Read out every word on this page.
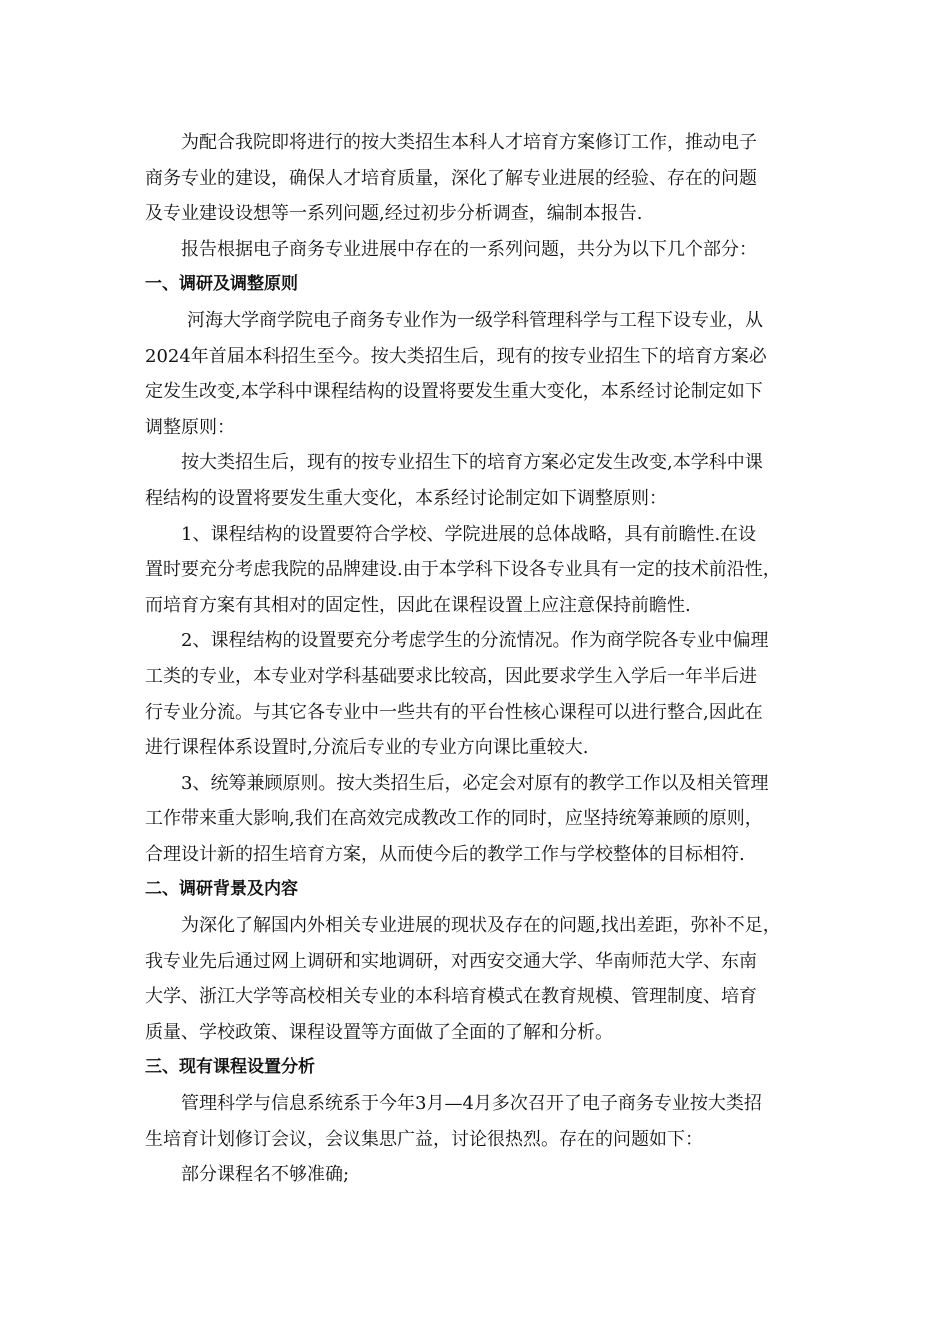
为配合我院即将进行的按大类招生本科人才培育方案修订工作，推动电子
商务专业的建设，确保人才培育质量，深化了解专业进展的经验、存在的问题
及专业建设设想等一系列问题,经过初步分析调查，编制本报告.
报告根据电子商务专业进展中存在的一系列问题，共分为以下几个部分：
一、调研及调整原则
河海大学商学院电子商务专业作为一级学科管理科学与工程下设专业，从
2024年首届本科招生至今。按大类招生后，现有的按专业招生下的培育方案必
定发生改变,本学科中课程结构的设置将要发生重大变化，本系经讨论制定如下
调整原则：
按大类招生后，现有的按专业招生下的培育方案必定发生改变,本学科中课
程结构的设置将要发生重大变化，本系经讨论制定如下调整原则：
1、课程结构的设置要符合学校、学院进展的总体战略，具有前瞻性.在设
置时要充分考虑我院的品牌建设.由于本学科下设各专业具有一定的技术前沿性，
而培育方案有其相对的固定性，因此在课程设置上应注意保持前瞻性.
2、课程结构的设置要充分考虑学生的分流情况。作为商学院各专业中偏理
工类的专业，本专业对学科基础要求比较高，因此要求学生入学后一年半后进
行专业分流。与其它各专业中一些共有的平台性核心课程可以进行整合,因此在
进行课程体系设置时,分流后专业的专业方向课比重较大.
3、统筹兼顾原则。按大类招生后，必定会对原有的教学工作以及相关管理
工作带来重大影响,我们在高效完成教改工作的同时，应坚持统筹兼顾的原则，
合理设计新的招生培育方案，从而使今后的教学工作与学校整体的目标相符.
二、调研背景及内容
为深化了解国内外相关专业进展的现状及存在的问题,找出差距，弥补不足，
我专业先后通过网上调研和实地调研，对西安交通大学、华南师范大学、东南
大学、浙江大学等高校相关专业的本科培育模式在教育规模、管理制度、培育
质量、学校政策、课程设置等方面做了全面的了解和分析。
三、现有课程设置分析
管理科学与信息系统系于今年3月—4月多次召开了电子商务专业按大类招
生培育计划修订会议，会议集思广益，讨论很热烈。存在的问题如下：
部分课程名不够准确;
